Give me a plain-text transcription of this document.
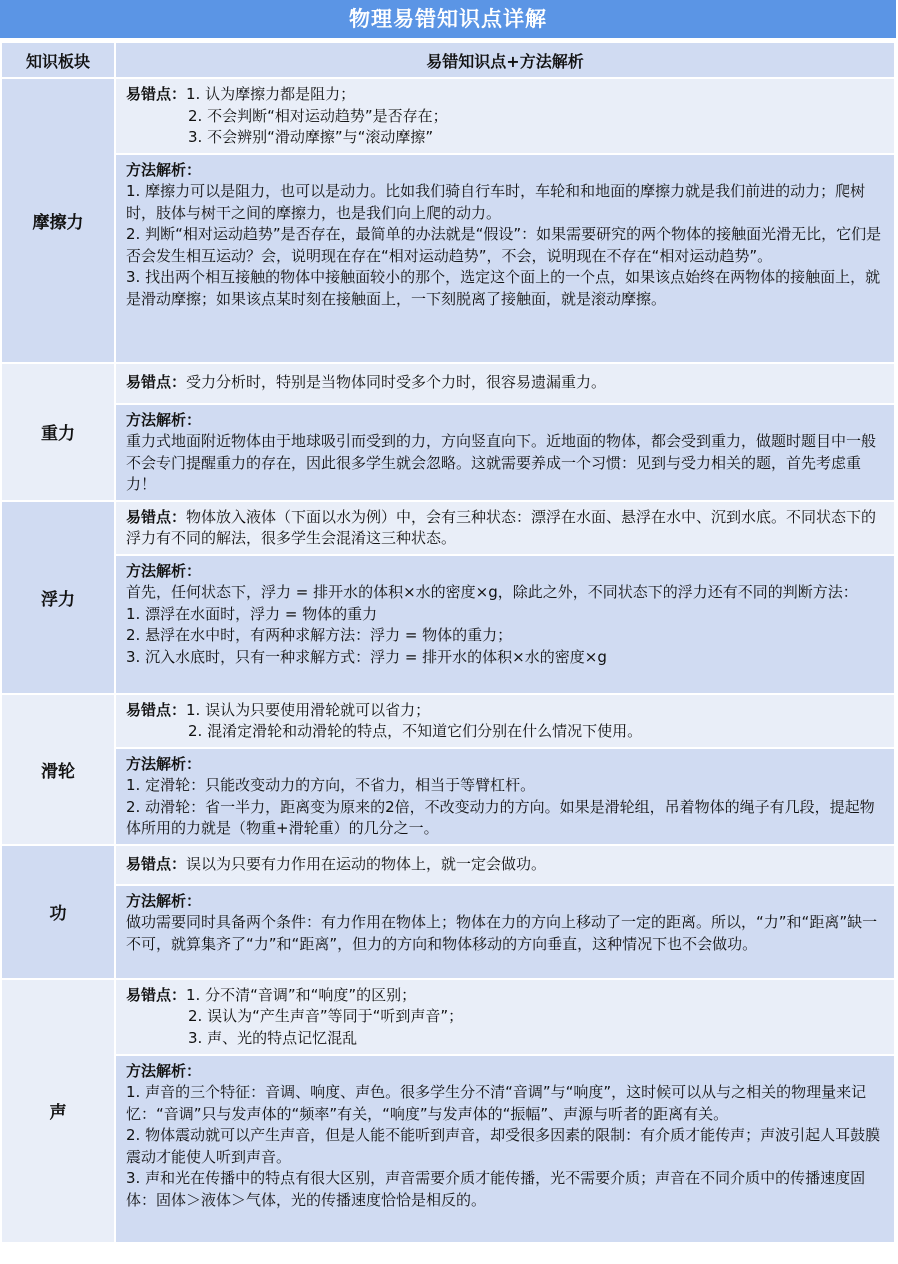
物理易错知识点详解
知识板块	易错知识点+方法解析
摩擦力	易错点：1. 认为摩擦力都是阻力；
2. 不会判断“相对运动趋势”是否存在；
3. 不会辨别“滑动摩擦”与“滚动摩擦”

	方法解析：
1. 摩擦力可以是阻力，也可以是动力。比如我们骑自行车时，车轮和和地面的摩擦力就是我们前进的动力；爬树时，肢体与树干之间的摩擦力，也是我们向上爬的动力。
2. 判断“相对运动趋势”是否存在，最简单的办法就是“假设”：如果需要研究的两个物体的接触面光滑无比，它们是否会发生相互运动？会，说明现在存在“相对运动趋势”，不会，说明现在不存在“相对运动趋势”。
3. 找出两个相互接触的物体中接触面较小的那个，选定这个面上的一个点，如果该点始终在两物体的接触面上，就是滑动摩擦；如果该点某时刻在接触面上，一下刻脱离了接触面，就是滚动摩擦。

重力	易错点：受力分析时，特别是当物体同时受多个力时，很容易遗漏重力。

	方法解析：
重力式地面附近物体由于地球吸引而受到的力，方向竖直向下。近地面的物体，都会受到重力，做题时题目中一般不会专门提醒重力的存在，因此很多学生就会忽略。这就需要养成一个习惯：见到与受力相关的题，首先考虑重力！

浮力	易错点：物体放入液体（下面以水为例）中，会有三种状态：漂浮在水面、悬浮在水中、沉到水底。不同状态下的浮力有不同的解法，很多学生会混淆这三种状态。

	方法解析：
首先，任何状态下，浮力 = 排开水的体积×水的密度×g，除此之外，不同状态下的浮力还有不同的判断方法：
1. 漂浮在水面时，浮力 = 物体的重力
2. 悬浮在水中时，有两种求解方法：浮力 = 物体的重力；
3. 沉入水底时，只有一种求解方式：浮力 = 排开水的体积×水的密度×g

滑轮	易错点：1. 误认为只要使用滑轮就可以省力；
2. 混淆定滑轮和动滑轮的特点，不知道它们分别在什么情况下使用。

	方法解析：
1. 定滑轮：只能改变动力的方向，不省力，相当于等臂杠杆。
2. 动滑轮：省一半力，距离变为原来的2倍，不改变动力的方向。如果是滑轮组，吊着物体的绳子有几段，提起物体所用的力就是（物重+滑轮重）的几分之一。

功	易错点：误以为只要有力作用在运动的物体上，就一定会做功。

	方法解析：
做功需要同时具备两个条件：有力作用在物体上；物体在力的方向上移动了一定的距离。所以，“力”和“距离”缺一不可，就算集齐了“力”和“距离”，但力的方向和物体移动的方向垂直，这种情况下也不会做功。

声	易错点：1. 分不清“音调”和“响度”的区别；
2. 误认为“产生声音”等同于“听到声音”；
3. 声、光的特点记忆混乱

	方法解析：
1. 声音的三个特征：音调、响度、声色。很多学生分不清“音调”与“响度”，这时候可以从与之相关的物理量来记忆：“音调”只与发声体的“频率”有关，“响度”与发声体的“振幅”、声源与听者的距离有关。
2. 物体震动就可以产生声音，但是人能不能听到声音，却受很多因素的限制：有介质才能传声；声波引起人耳鼓膜震动才能使人听到声音。
3. 声和光在传播中的特点有很大区别，声音需要介质才能传播，光不需要介质；声音在不同介质中的传播速度固体：固体＞液体＞气体，光的传播速度恰恰是相反的。
